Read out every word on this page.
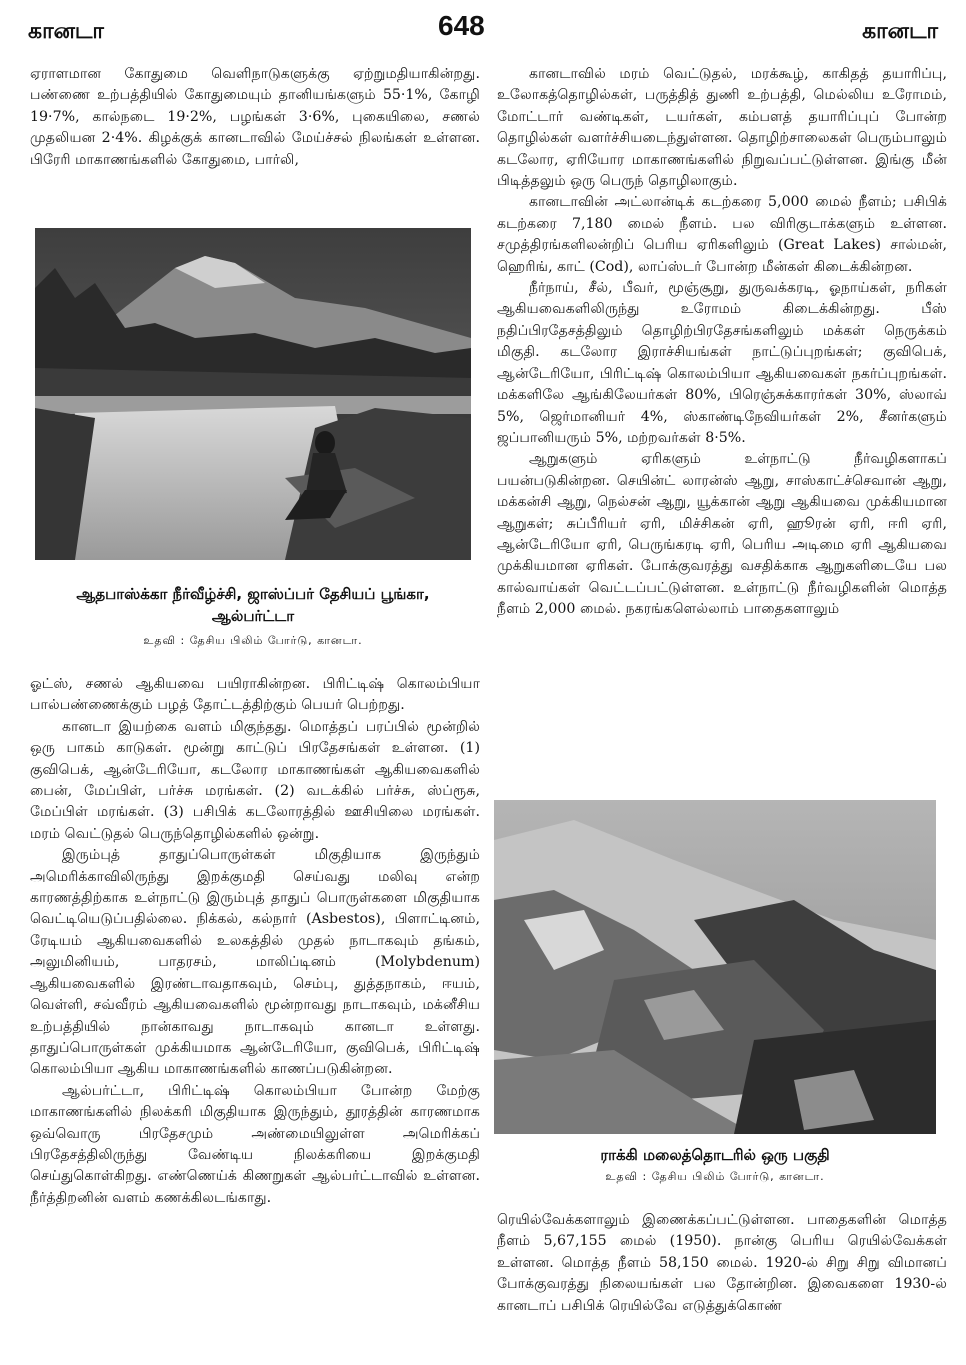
கானடா	648	கானடா

ஏராளமான கோதுமை வெளிநாடுகளுக்கு ஏற்றுமதியாகின்றது. பண்ணை உற்பத்தியில் கோதுமையும் தானியங்களும் 55·1%, கோழி 19·7%, கால்நடை 19·2%, பழங்கள் 3·6%, புகையிலை, சணல் முதலியன 2·4%. கிழக்குக் கானடாவில் மேய்ச்சல் நிலங்கள் உள்ளன. பிரேரி மாகாணங்களில் கோதுமை, பார்லி,

ஆதபாஸ்க்கா நீர்வீழ்ச்சி, ஜாஸ்ப்பர் தேசியப் பூங்கா, ஆல்பர்ட்டா
உதவி : தேசிய பிலிம் போர்டு, கானடா.

ஓட்ஸ், சணல் ஆகியவை பயிராகின்றன. பிரிட்டிஷ் கொலம்பியா பால்பண்ணைக்கும் பழத் தோட்டத்திற்கும் பெயர் பெற்றது.

கானடா இயற்கை வளம் மிகுந்தது. மொத்தப் பரப்பில் மூன்றில் ஒரு பாகம் காடுகள். மூன்று காட்டுப் பிரதேசங்கள் உள்ளன. (1) குவிபெக், ஆன்டேரியோ, கடலோர மாகாணங்கள் ஆகியவைகளில் பைன், மேப்பிள், பர்ச்சு மரங்கள். (2) வடக்கில் பர்ச்சு, ஸ்ப்ரூசு, மேப்பிள் மரங்கள். (3) பசிபிக் கடலோரத்தில் ஊசியிலை மரங்கள். மரம் வெட்டுதல் பெருந்தொழில்களில் ஒன்று.

இரும்புத் தாதுப்பொருள்கள் மிகுதியாக இருந்தும் அமெரிக்காவிலிருந்து இறக்குமதி செய்வது மலிவு என்ற காரணத்திற்காக உள்நாட்டு இரும்புத் தாதுப் பொருள்களை மிகுதியாக வெட்டியெடுப்பதில்லை. நிக்கல், கல்நார் (Asbestos), பிளாட்டினம், ரேடியம் ஆகியவைகளில் உலகத்தில் முதல் நாடாகவும் தங்கம், அலுமினியம், பாதரசம், மாலிப்டினம் (Molybdenum) ஆகியவைகளில் இரண்டாவதாகவும், செம்பு, துத்தநாகம், ஈயம், வெள்ளி, சவ்வீரம் ஆகியவைகளில் மூன்றாவது நாடாகவும், மக்னீசிய உற்பத்தியில் நான்காவது நாடாகவும் கானடா உள்ளது. தாதுப்பொருள்கள் முக்கியமாக ஆன்டேரியோ, குவிபெக், பிரிட்டிஷ் கொலம்பியா ஆகிய மாகாணங்களில் காணப்படுகின்றன.

ஆல்பர்ட்டா, பிரிட்டிஷ் கொலம்பியா போன்ற மேற்கு மாகாணங்களில் நிலக்கரி மிகுதியாக இருந்தும், தூரத்தின் காரணமாக ஒவ்வொரு பிரதேசமும் அண்மையிலுள்ள அமெரிக்கப் பிரதேசத்திலிருந்து வேண்டிய நிலக்கரியை இறக்குமதி செய்துகொள்கிறது. எண்ணெய்க் கிணறுகள் ஆல்பர்ட்டாவில் உள்ளன. நீர்த்திறனின் வளம் கணக்கிலடங்காது.

கானடாவில் மரம் வெட்டுதல், மரக்கூழ், காகிதத் தயாரிப்பு, உலோகத்தொழில்கள், பருத்தித் துணி உற்பத்தி, மெல்லிய உரோமம், மோட்டார் வண்டிகள், டயர்கள், கம்பளத் தயாரிப்புப் போன்ற தொழில்கள் வளர்ச்சியடைந்துள்ளன. தொழிற்சாலைகள் பெரும்பாலும் கடலோர, ஏரியோர மாகாணங்களில் நிறுவப்பட்டுள்ளன. இங்கு மீன் பிடித்தலும் ஒரு பெருந் தொழிலாகும்.

கானடாவின் அட்லான்டிக் கடற்கரை 5,000 மைல் நீளம்; பசிபிக் கடற்கரை 7,180 மைல் நீளம். பல விரிகுடாக்களும் உள்ளன. சமுத்திரங்களிலன்றிப் பெரிய ஏரிகளிலும் (Great Lakes) சால்மன், ஹெரிங், காட் (Cod), லாப்ஸ்டர் போன்ற மீன்கள் கிடைக்கின்றன.

நீர்நாய், சீல், பீவர், மூஞ்சூறு, துருவக்கரடி, ஓநாய்கள், நரிகள் ஆகியவைகளிலிருந்து உரோமம் கிடைக்கின்றது. பீஸ் நதிப்பிரதேசத்திலும் தொழிற்பிரதேசங்களிலும் மக்கள் நெருக்கம் மிகுதி. கடலோர இராச்சியங்கள் நாட்டுப்புறங்கள்; குவிபெக், ஆன்டேரியோ, பிரிட்டிஷ் கொலம்பியா ஆகியவைகள் நகர்ப்புறங்கள். மக்களிலே ஆங்கிலேயர்கள் 80%, பிரெஞ்சுக்காரர்கள் 30%, ஸ்லாவ் 5%, ஜெர்மானியர் 4%, ஸ்காண்டிநேவியர்கள் 2%, சீனர்களும் ஜப்பானியரும் 5%, மற்றவர்கள் 8·5%.

ஆறுகளும் ஏரிகளும் உள்நாட்டு நீர்வழிகளாகப் பயன்படுகின்றன. செயின்ட் லாரன்ஸ் ஆறு, சாஸ்காட்ச்செவான் ஆறு, மக்கன்சி ஆறு, நெல்சன் ஆறு, யூக்கான் ஆறு ஆகியவை முக்கியமான ஆறுகள்; சுப்பீரியர் ஏரி, மிச்சிகன் ஏரி, ஹூரன் ஏரி, ஈரி ஏரி, ஆன்டேரியோ ஏரி, பெருங்கரடி ஏரி, பெரிய அடிமை ஏரி ஆகியவை முக்கியமான ஏரிகள். போக்குவரத்து வசதிக்காக ஆறுகளிடையே பல கால்வாய்கள் வெட்டப்பட்டுள்ளன. உள்நாட்டு நீர்வழிகளின் மொத்த நீளம் 2,000 மைல். நகரங்களெல்லாம் பாதைகளாலும்

ராக்கி மலைத்தொடரில் ஒரு பகுதி
உதவி : தேசிய பிலிம் போர்டு, கானடா.

ரெயில்வேக்களாலும் இணைக்கப்பட்டுள்ளன. பாதைகளின் மொத்த நீளம் 5,67,155 மைல் (1950). நான்கு பெரிய ரெயில்வேக்கள் உள்ளன. மொத்த நீளம் 58,150 மைல். 1920-ல் சிறு சிறு விமானப் போக்குவரத்து நிலையங்கள் பல தோன்றின. இவைகளை 1930-ல் கானடாப் பசிபிக் ரெயில்வே எடுத்துக்கொண்
